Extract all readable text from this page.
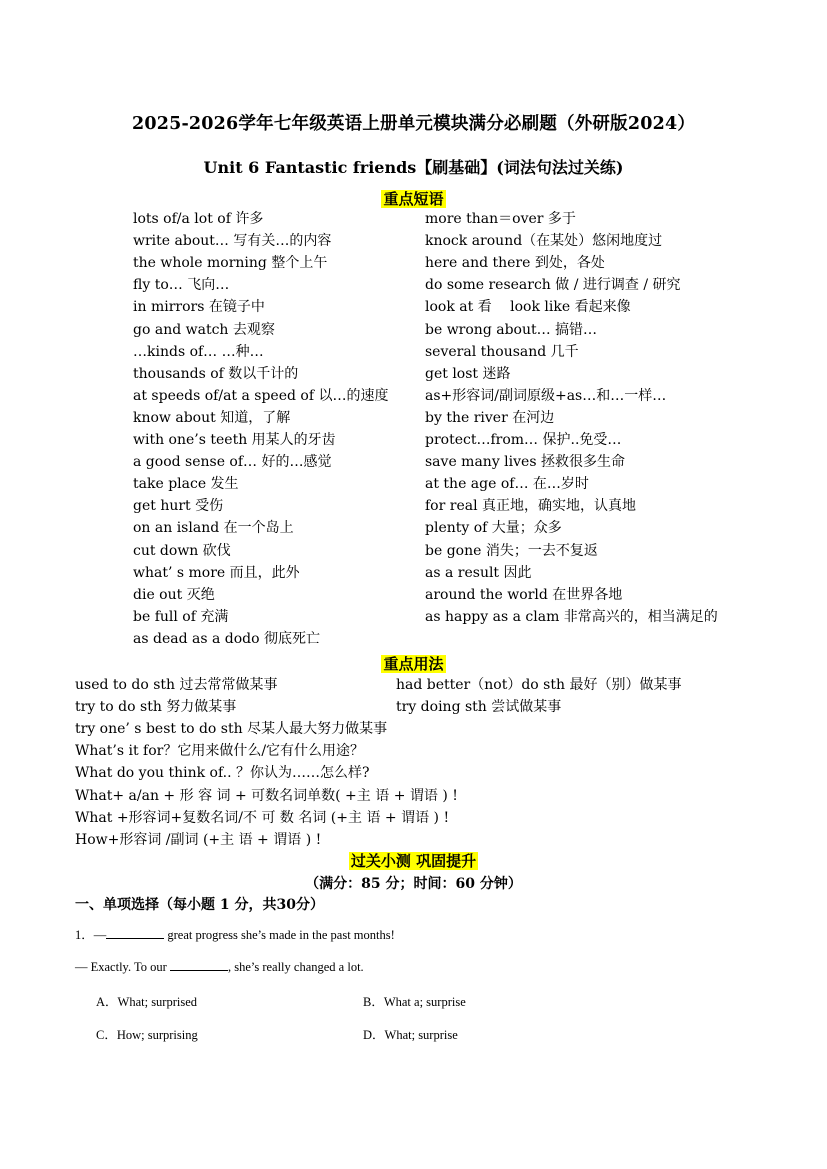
2025-2026学年七年级英语上册单元模块满分必刷题（外研版2024）
Unit 6 Fantastic friends【刷基础】(词法句法过关练)
重点短语
lots of/a lot of 许多	more than＝over 多于
write about… 写有关…的内容	knock around（在某处）悠闲地度过
the whole morning 整个上午	here and there 到处，各处
fly to… 飞向…	do some research 做 / 进行调查 / 研究
in mirrors 在镜子中	look at 看　 look like 看起来像
go and watch 去观察	be wrong about… 搞错…
…kinds of… …种…	several thousand 几千
thousands of 数以千计的	get lost 迷路
at speeds of/at a speed of 以…的速度	as+形容词/副词原级+as…和…一样…
know about 知道，了解	by the river 在河边
with one’s teeth 用某人的牙齿	protect…from… 保护..免受…
a good sense of… 好的…感觉	save many lives 拯救很多生命
take place 发生	at the age of… 在…岁时
get hurt 受伤	for real 真正地，确实地，认真地
on an island 在一个岛上	plenty of 大量；众多
cut down 砍伐	be gone 消失；一去不复返
what’ s more 而且，此外	as a result 因此
die out 灭绝	around the world 在世界各地
be full of 充满	as happy as a clam 非常高兴的，相当满足的
as dead as a dodo 彻底死亡
重点用法
used to do sth 过去常常做某事	had better（not）do sth 最好（别）做某事
try to do sth 努力做某事	try doing sth 尝试做某事
try one’ s best to do sth 尽某人最大努力做某事
What’s it for？它用来做什么/它有什么用途？
What do you think of.. ？你认为……怎么样?
What+ a/an + 形 容 词 + 可数名词单数( +主 语 + 谓语 ) !
What +形容词+复数名词/不 可 数 名词 (+主 语 + 谓语 ) !
How+形容词 /副词 (+主 语 + 谓语 ) !
过关小测 巩固提升
（满分：85 分；时间：60 分钟）
一、单项选择（每小题 1 分，共30分）
1．—	great progress she’s made in the past months!
— Exactly. To our	, she’s really changed a lot.
A．What; surprised	B．What a; surprise
C．How; surprising	D．What; surprise
